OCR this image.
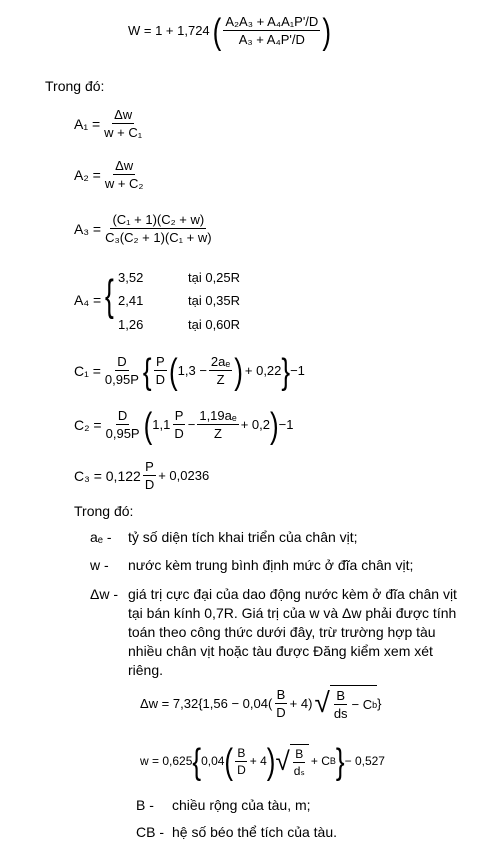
W = 1 + 1,724 ( $\frac{\text{A₂A₃ + A₄A₁P'/D}}{\text{A₃ + A₄P'/D}}$ )
Trong đó:
$A_1 = \frac{\Delta w}{\text{w + C₁}}$
$A_2 = \frac{\Delta w}{\text{w + C₂}}$
$A_3 = \frac{\text{(C₁ + 1)(C₂ + w)}}{\text{C₃(C₂ + 1)(C₁ + w)}}$
A₄ = { 3,52	tại 0,25R
2,41	tại 0,35R
1,26	tại 0,60R
$C_1 = \frac{D}{0,95P}$ { $\frac{P}{D}$ ( $1,3 - \frac{\text{2aₑ}}{Z}$ ) + 0,22 } −1
$C_2 = \frac{D}{0,95P}$ ( $1,1 \frac{P}{D} - \frac{\text{1,19aₑ}}{Z} + 0,2$ ) −1
$C_3 = 0,122 \frac{P}{D} + 0,0236$
Trong đó:
aₑ - tỷ số diện tích khai triển của chân vịt;
w - nước kèm trung bình định mức ở đĩa chân vịt;
Δw - giá trị cực đại của dao động nước kèm ở đĩa chân vịt tại bán kính 0,7R. Giá trị của w và Δw phải được tính toán theo công thức dưới đây, trừ trường hợp tàu nhiều chân vịt hoặc tàu được Đăng kiểm xem xét riêng.
$\Delta w = 7,32\{1,56 - 0,04( \frac{B}{D} + 4)$ √ $\frac{B}{ds} - C$ b }
w = 0,625 { 0,04 ( $\frac{B}{D} + 4$ ) √ $\frac{B}{\text{dₛ}} + C$ B } − 0,527
B - chiều rộng của tàu, m;
CB - hệ số béo thể tích của tàu.
